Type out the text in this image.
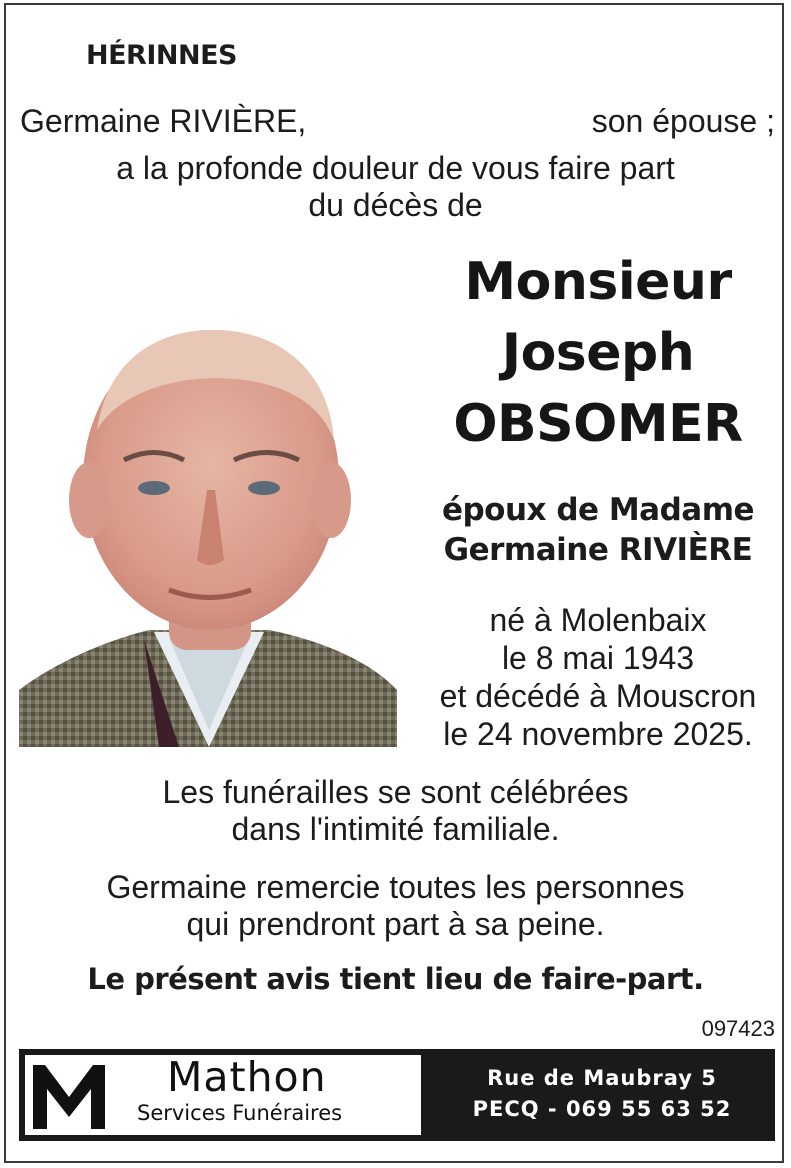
HÉRINNES
Germaine RIVIÈRE,	son épouse ;
a la profonde douleur de vous faire part
du décès de
Monsieur
Joseph
OBSOMER
époux de Madame
Germaine RIVIÈRE
né à Molenbaix
le 8 mai 1943
et décédé à Mouscron
le 24 novembre 2025.
Les funérailles se sont célébrées
dans l'intimité familiale.
Germaine remercie toutes les personnes
qui prendront part à sa peine.
Le présent avis tient lieu de faire-part.
097423
Mathon
Services Funéraires
Rue de Maubray 5
PECQ - 069 55 63 52
